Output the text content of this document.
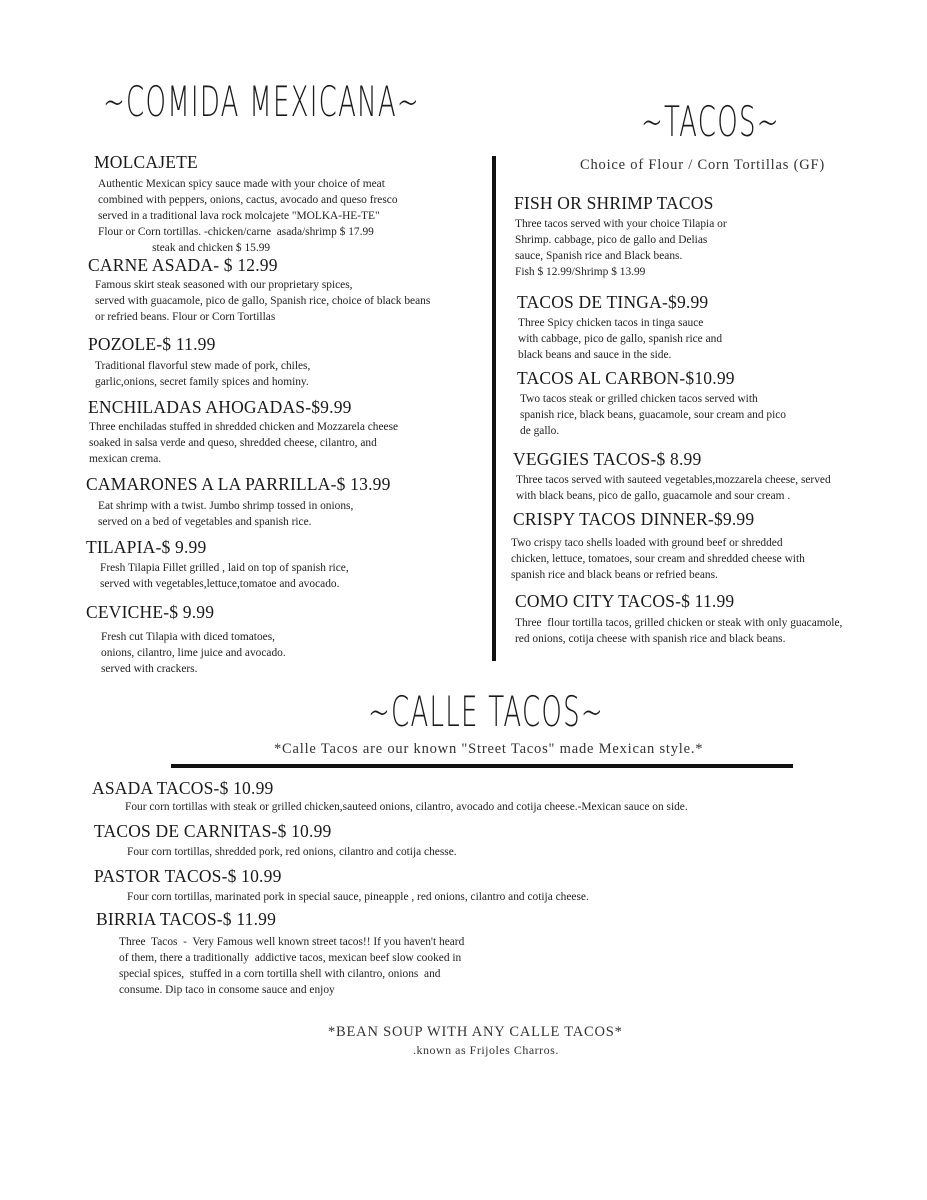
~COMIDA MEXICANA~
MOLCAJETE
Authentic Mexican spicy sauce made with your choice of meat
combined with peppers, onions, cactus, avocado and queso fresco
served in a traditional lava rock molcajete "MOLKA-HE-TE"
Flour or Corn tortillas. -chicken/carne  asada/shrimp $ 17.99
steak and chicken $ 15.99
CARNE ASADA- $ 12.99
Famous skirt steak seasoned with our proprietary spices,
served with guacamole, pico de gallo, Spanish rice, choice of black beans
or refried beans. Flour or Corn Tortillas
POZOLE-$ 11.99
Traditional flavorful stew made of pork, chiles,
garlic,onions, secret family spices and hominy.
ENCHILADAS AHOGADAS-$9.99
Three enchiladas stuffed in shredded chicken and Mozzarela cheese
soaked in salsa verde and queso, shredded cheese, cilantro, and
mexican crema.
CAMARONES A LA PARRILLA-$ 13.99
Eat shrimp with a twist. Jumbo shrimp tossed in onions,
served on a bed of vegetables and spanish rice.
TILAPIA-$ 9.99
Fresh Tilapia Fillet grilled , laid on top of spanish rice,
served with vegetables,lettuce,tomatoe and avocado.
CEVICHE-$ 9.99
Fresh cut Tilapia with diced tomatoes,
onions, cilantro, lime juice and avocado.
served with crackers.
~TACOS~
Choice of Flour / Corn Tortillas (GF)
FISH OR SHRIMP TACOS
Three tacos served with your choice Tilapia or
Shrimp. cabbage, pico de gallo and Delias
sauce, Spanish rice and Black beans.
Fish $ 12.99/Shrimp $ 13.99
TACOS DE TINGA-$9.99
Three Spicy chicken tacos in tinga sauce
with cabbage, pico de gallo, spanish rice and
black beans and sauce in the side.
TACOS AL CARBON-$10.99
Two tacos steak or grilled chicken tacos served with
spanish rice, black beans, guacamole, sour cream and pico
de gallo.
VEGGIES TACOS-$ 8.99
Three tacos served with sauteed vegetables,mozzarela cheese, served
with black beans, pico de gallo, guacamole and sour cream .
CRISPY TACOS DINNER-$9.99
Two crispy taco shells loaded with ground beef or shredded
chicken, lettuce, tomatoes, sour cream and shredded cheese with
spanish rice and black beans or refried beans.
COMO CITY TACOS-$ 11.99
Three  flour tortilla tacos, grilled chicken or steak with only guacamole,
red onions, cotija cheese with spanish rice and black beans.
~CALLE TACOS~
*Calle Tacos are our known "Street Tacos" made Mexican style.*
ASADA TACOS-$ 10.99
Four corn tortillas with steak or grilled chicken,sauteed onions, cilantro, avocado and cotija cheese.-Mexican sauce on side.
TACOS DE CARNITAS-$ 10.99
Four corn tortillas, shredded pork, red onions, cilantro and cotija chesse.
PASTOR TACOS-$ 10.99
Four corn tortillas, marinated pork in special sauce, pineapple , red onions, cilantro and cotija cheese.
BIRRIA TACOS-$ 11.99
Three  Tacos  -  Very Famous well known street tacos!! If you haven't heard
of them, there a traditionally  addictive tacos, mexican beef slow cooked in
special spices,  stuffed in a corn tortilla shell with cilantro, onions  and
consume. Dip taco in consome sauce and enjoy
*BEAN SOUP WITH ANY CALLE TACOS*
.known as Frijoles Charros.
